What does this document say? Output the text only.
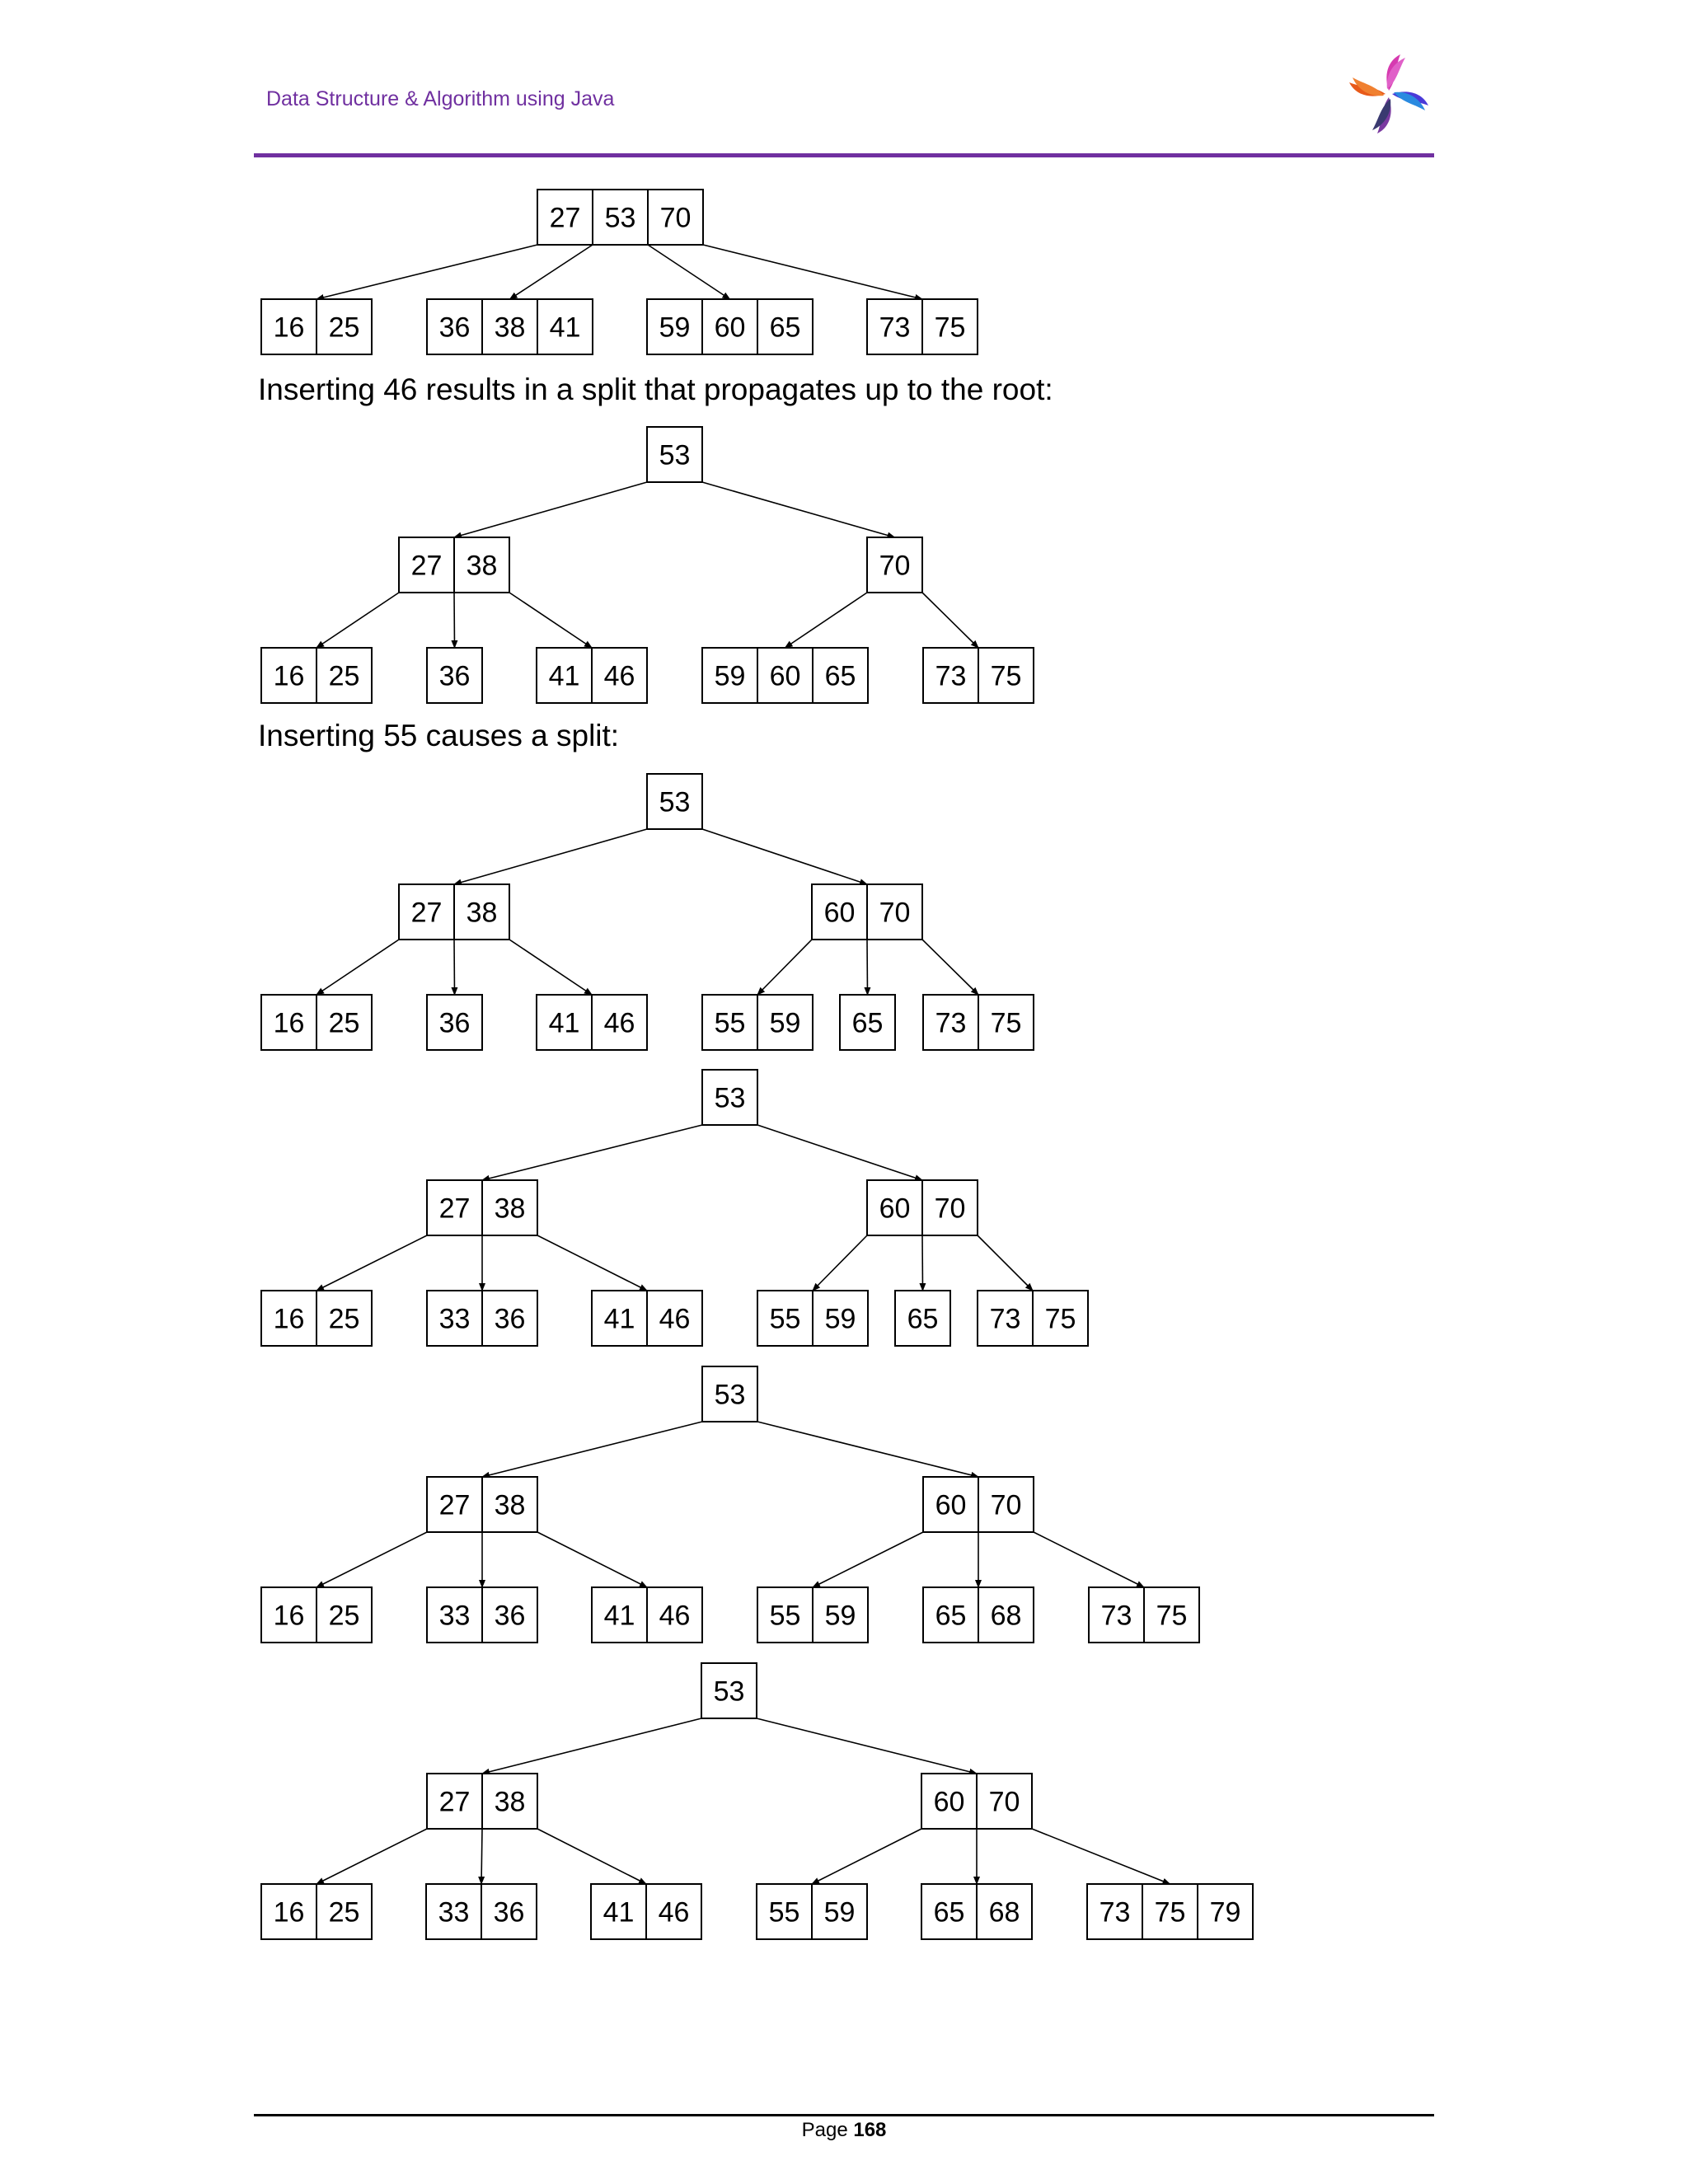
Data Structure & Algorithm using Java
Inserting 46 results in a split that propagates up to the root:
Inserting 55 causes a split:
27 53 70
16 25	36 38 41	59 60 65	73 75
53
27 38	70
16 25	36	41 46	59 60 65	73 75
53
27 38	60 70
16 25	36	41 46	55 59 65 73 75
53
27 38	60 70
16 25	33 36	41 46	55 59 65 73 75
53
27 38	60 70
16 25	33 36	41 46	55 59	65 68	73 75
53
27 38	60 70
16 25	33 36	41 46	55 59	65 68	73 75 79
Page 168
